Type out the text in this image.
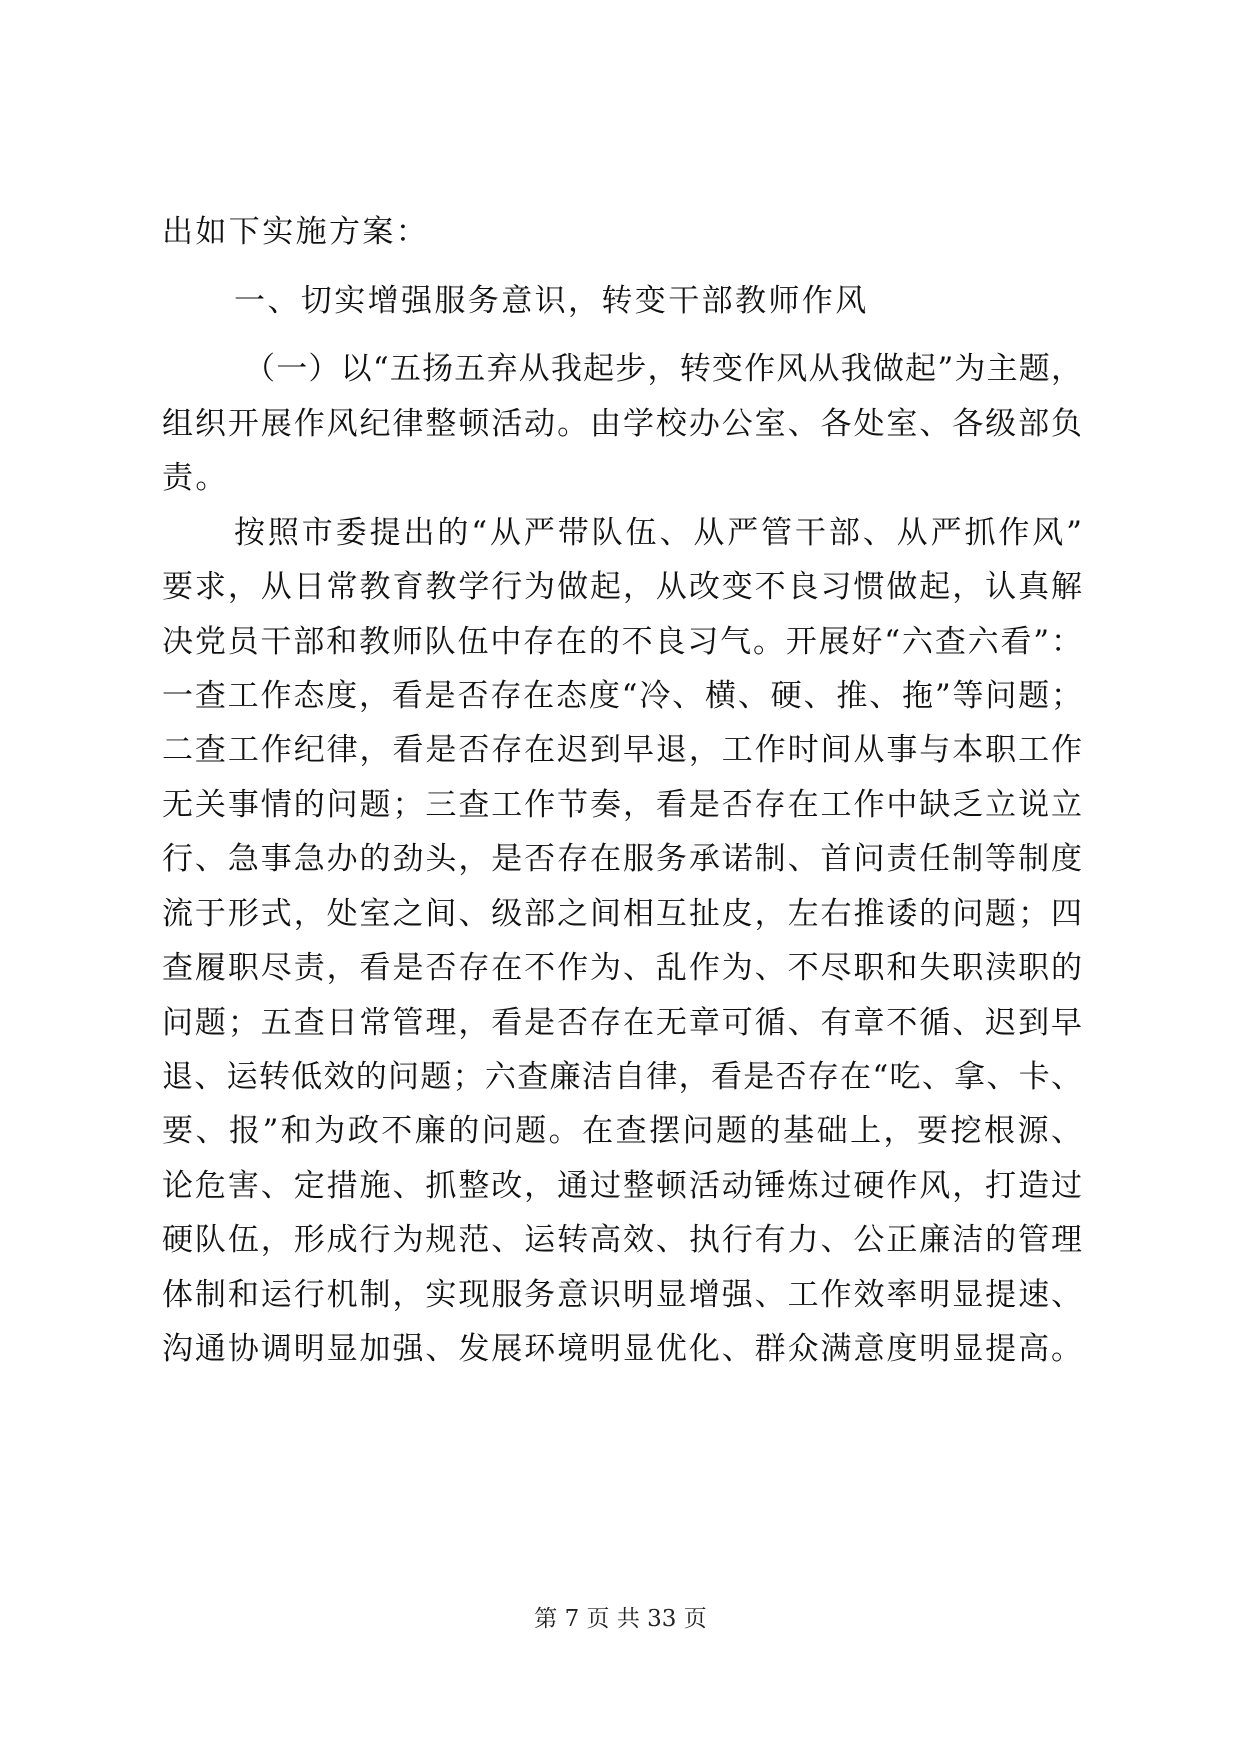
出如下实施方案：
一、切实增强服务意识，转变干部教师作风
（一）以“五扬五弃从我起步，转变作风从我做起”为主题，
组织开展作风纪律整顿活动。由学校办公室、各处室、各级部负
责。
按照市委提出的“从严带队伍、从严管干部、从严抓作风”
要求，从日常教育教学行为做起，从改变不良习惯做起，认真解
决党员干部和教师队伍中存在的不良习气。开展好“六查六看”：
一查工作态度，看是否存在态度“冷、横、硬、推、拖”等问题；
二查工作纪律，看是否存在迟到早退，工作时间从事与本职工作
无关事情的问题；三查工作节奏，看是否存在工作中缺乏立说立
行、急事急办的劲头，是否存在服务承诺制、首问责任制等制度
流于形式，处室之间、级部之间相互扯皮，左右推诿的问题；四
查履职尽责，看是否存在不作为、乱作为、不尽职和失职渎职的
问题；五查日常管理，看是否存在无章可循、有章不循、迟到早
退、运转低效的问题；六查廉洁自律，看是否存在“吃、拿、卡、
要、报”和为政不廉的问题。在查摆问题的基础上，要挖根源、
论危害、定措施、抓整改，通过整顿活动锤炼过硬作风，打造过
硬队伍，形成行为规范、运转高效、执行有力、公正廉洁的管理
体制和运行机制，实现服务意识明显增强、工作效率明显提速、
沟通协调明显加强、发展环境明显优化、群众满意度明显提高。
第 7 页 共 33 页
